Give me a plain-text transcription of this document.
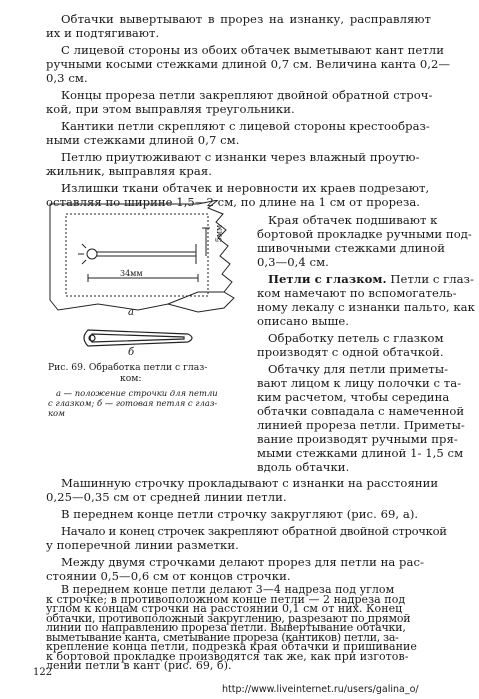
Обтачки вывертывают в прорез на изнанку, расправляют
их и подтягивают.
С лицевой стороны из обоих обтачек выметывают кант петли
ручными косыми стежками длиной 0,7 см. Величина канта 0,2—
0,3 см.
Концы прореза петли закрепляют двойной обратной строч-
кой, при этом выправляя треугольники.
Кантики петли скрепляют с лицевой стороны крестообраз-
ными стежками длиной 0,7 см.
Петлю приутюживают с изнанки через влажный проутю-
жильник, выправляя края.
Излишки ткани обтачек и неровности их краев подрезают,
оставляя по ширине 1,5—2 см, по длине на 1 см от прореза.
Края обтачек подшивают к
бортовой прокладке ручными под-
шивочными стежками длиной
0,3—0,4 см.
Петли с глазком. Петли с глаз-
ком намечают по вспомогатель-
ному лекалу с изнанки пальто, как
описано выше.
Обработку петель с глазком
производят с одной обтачкой.
Обтачку для петли приметы-
вают лицом к лицу полочки с та-
ким расчетом, чтобы середина
обтачки совпадала с намеченной
линией прореза петли. Приметы-
вание производят ручными пря-
мыми стежками длиной 1- 1,5 см
вдоль обтачки.
34мм
5мм
а
б
Рис. 69. Обработка петли с глаз-
ком:
а — положение строчки для петли
с глазком; б — готовая петля с глаз-
ком
Машинную строчку прокладывают с изнанки на расстоянии
0,25—0,35 см от средней линии петли.
В переднем конце петли строчку закругляют (рис. 69, а).
Начало и конец строчек закрепляют обратной двойной строчкой
у поперечной линии разметки.
Между двумя строчками делают прорез для петли на рас-
стоянии 0,5—0,6 см от концов строчки.
В переднем конце петли делают 3—4 надреза под углом
к строчке; в противоположном конце петли — 2 надреза под
углом к концам строчки на расстоянии 0,1 см от них. Конец
обтачки, противоположный закруглению, разрезают по прямой
линии по направлению прореза петли. Вывертывание обтачки,
выметывание канта, сметывание прореза (кантиков) петли, за-
крепление конца петли, подрезка края обтачки и пришивание
к бортовой прокладке производятся так же, как при изготов-
лении петли в кант (рис. 69, б).
122
http://www.liveinternet.ru/users/galina_o/
